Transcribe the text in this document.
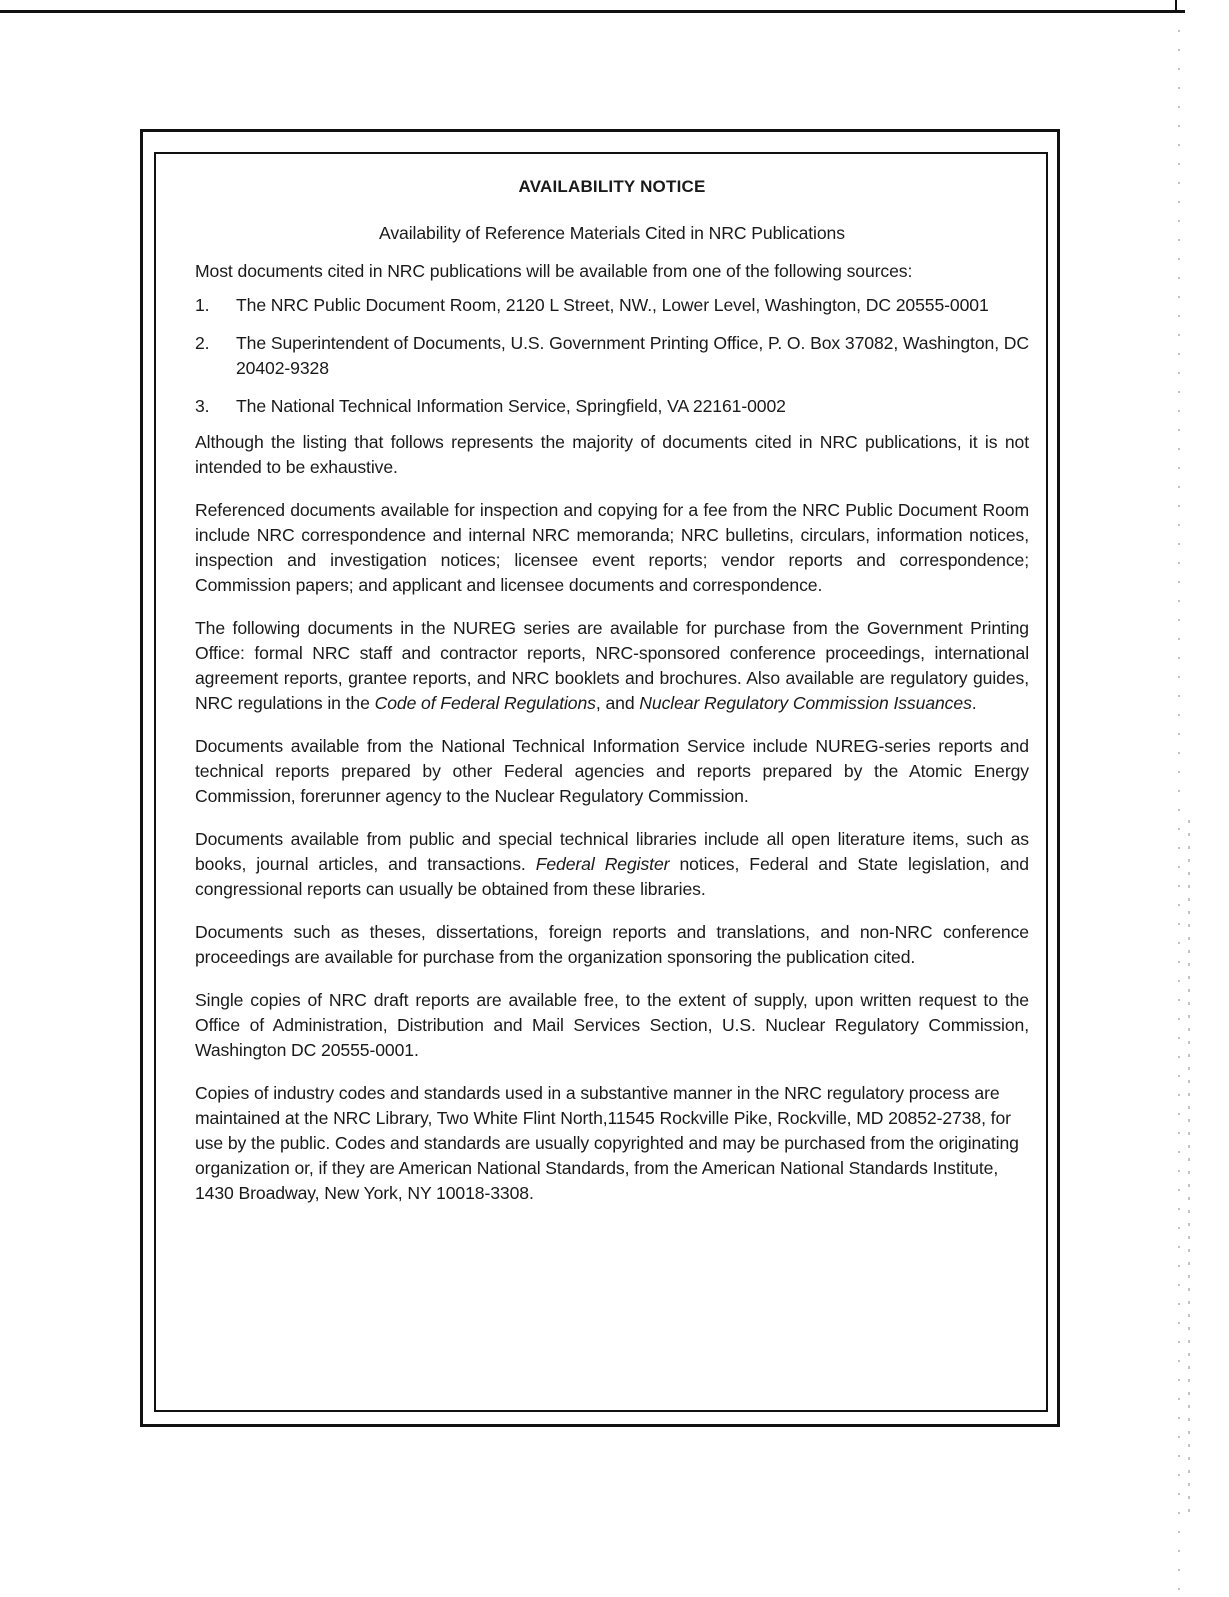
AVAILABILITY NOTICE
Availability of Reference Materials Cited in NRC Publications

Most documents cited in NRC publications will be available from one of the following sources:

1. The NRC Public Document Room, 2120 L Street, NW., Lower Level, Washington, DC 20555-0001
2. The Superintendent of Documents, U.S. Government Printing Office, P. O. Box 37082, Washington, DC 20402-9328
3. The National Technical Information Service, Springfield, VA 22161-0002

Although the listing that follows represents the majority of documents cited in NRC publications, it is not intended to be exhaustive.

Referenced documents available for inspection and copying for a fee from the NRC Public Document Room include NRC correspondence and internal NRC memoranda; NRC bulletins, circulars, information notices, inspection and investigation notices; licensee event reports; vendor reports and correspondence; Commission papers; and applicant and licensee documents and correspondence.

The following documents in the NUREG series are available for purchase from the Government Printing Office: formal NRC staff and contractor reports, NRC-sponsored conference proceedings, international agreement reports, grantee reports, and NRC booklets and brochures. Also available are regulatory guides, NRC regulations in the Code of Federal Regulations, and Nuclear Regulatory Commission Issuances.

Documents available from the National Technical Information Service include NUREG-series reports and technical reports prepared by other Federal agencies and reports prepared by the Atomic Energy Commission, forerunner agency to the Nuclear Regulatory Commission.

Documents available from public and special technical libraries include all open literature items, such as books, journal articles, and transactions. Federal Register notices, Federal and State legislation, and congressional reports can usually be obtained from these libraries.

Documents such as theses, dissertations, foreign reports and translations, and non-NRC conference proceedings are available for purchase from the organization sponsoring the publication cited.

Single copies of NRC draft reports are available free, to the extent of supply, upon written request to the Office of Administration, Distribution and Mail Services Section, U.S. Nuclear Regulatory Commission, Washington DC 20555-0001.

Copies of industry codes and standards used in a substantive manner in the NRC regulatory process are maintained at the NRC Library, Two White Flint North,11545 Rockville Pike, Rockville, MD 20852-2738, for use by the public. Codes and standards are usually copyrighted and may be purchased from the originating organization or, if they are American National Standards, from the American National Standards Institute, 1430 Broadway, New York, NY 10018-3308.
